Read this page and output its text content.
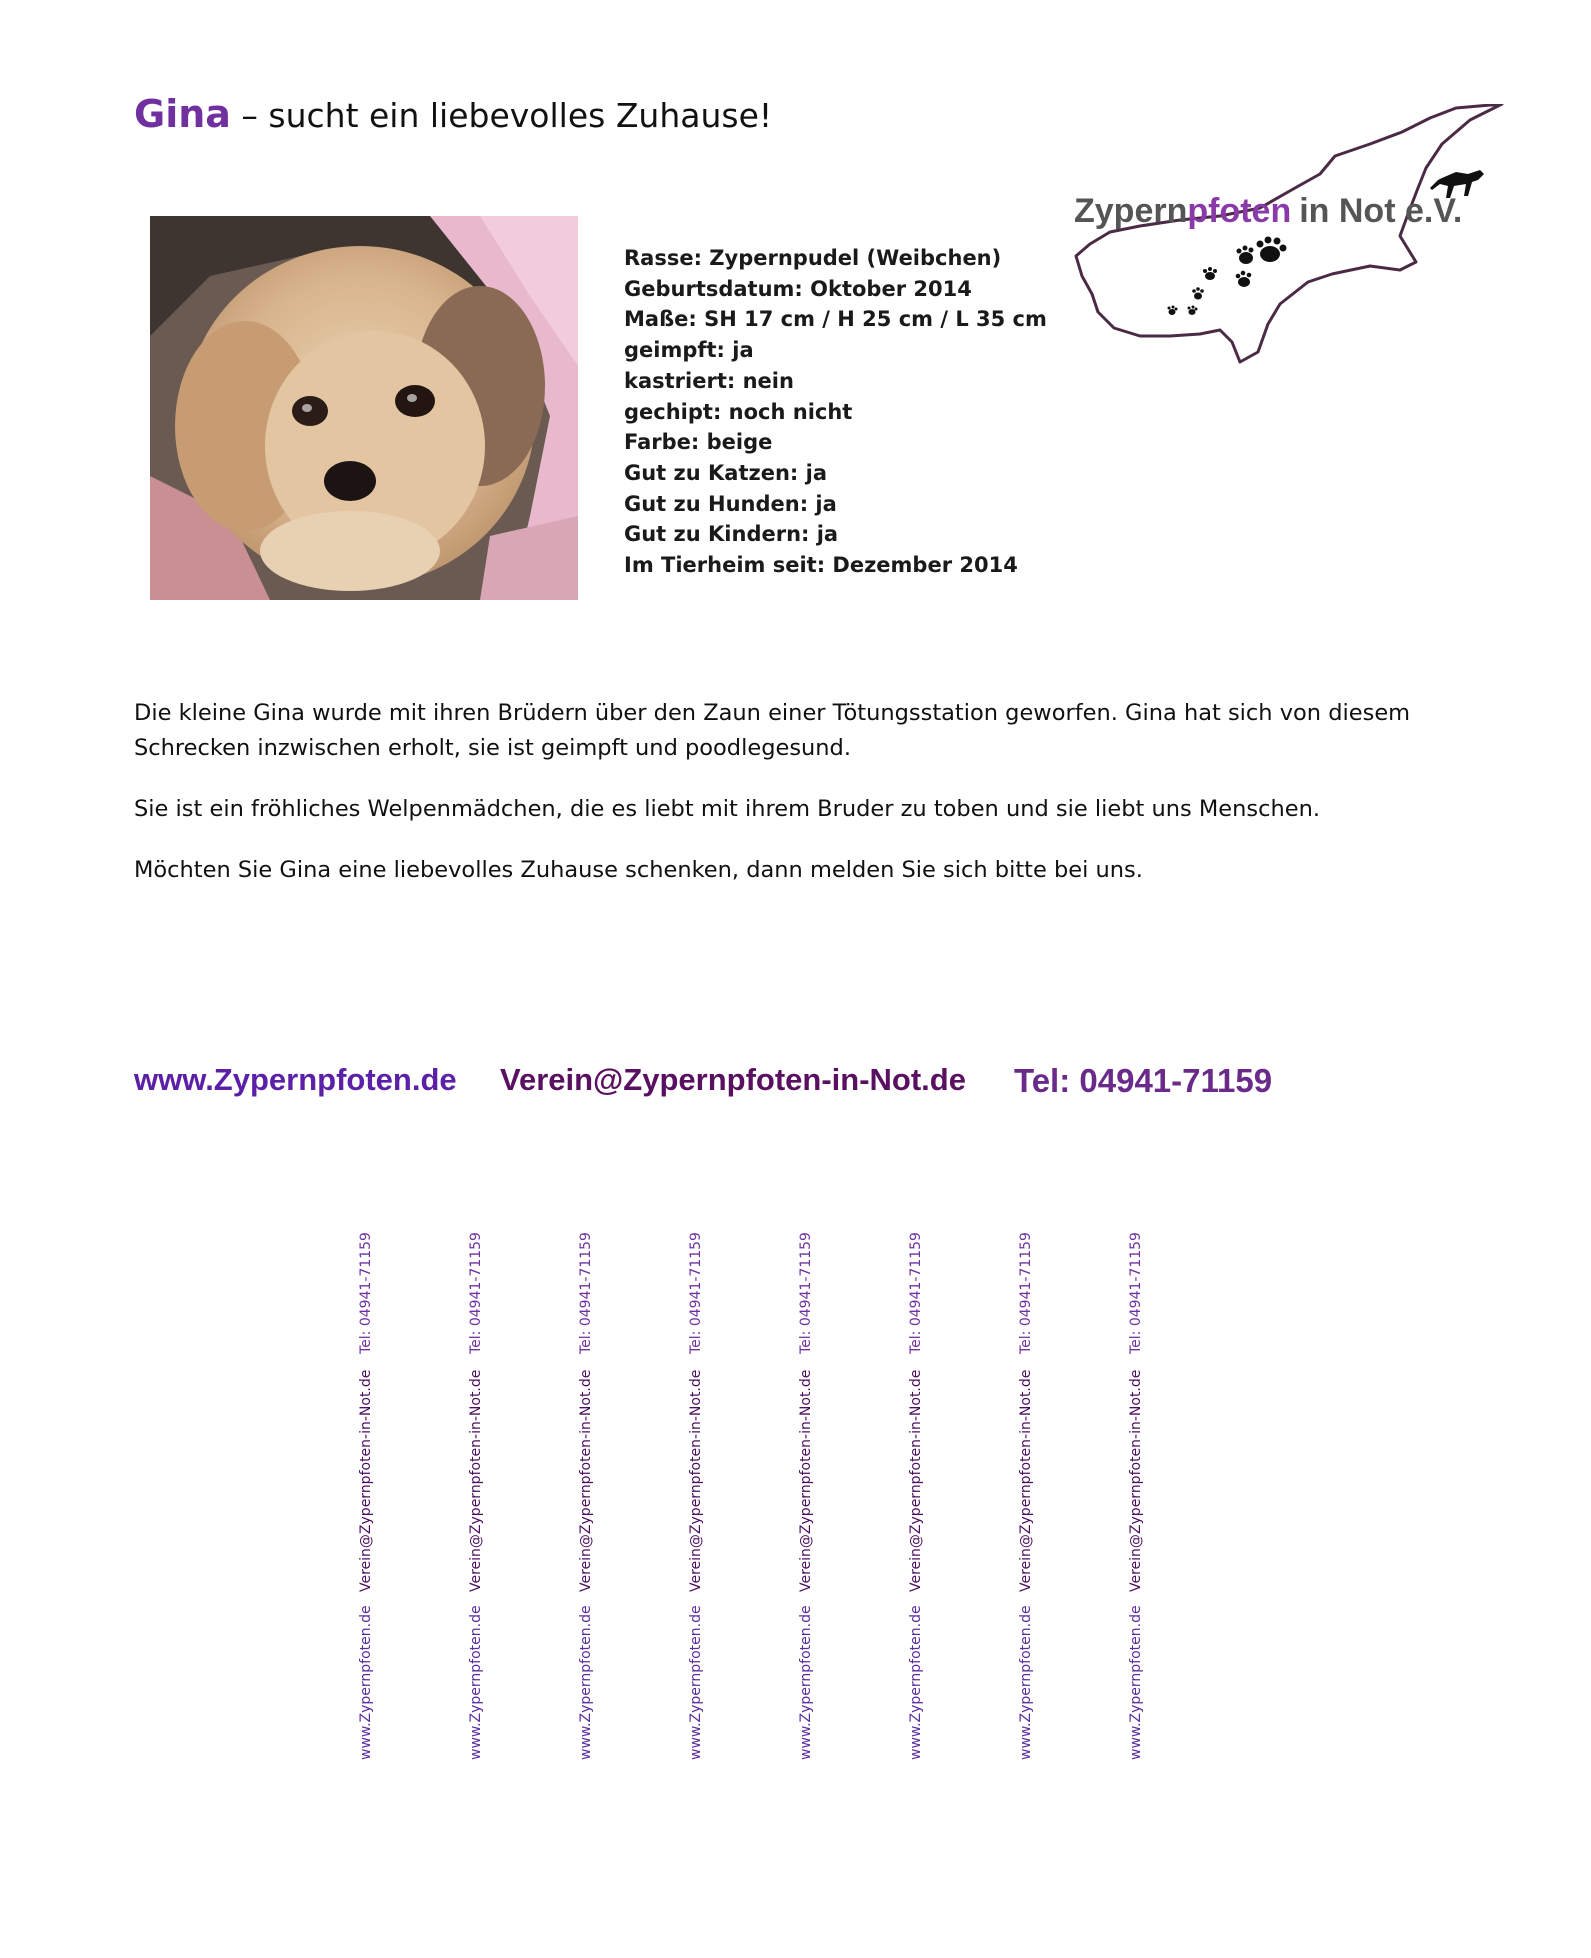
Gina – sucht ein liebevolles Zuhause!
Rasse: Zypernpudel (Weibchen)
Geburtsdatum: Oktober 2014
Maße: SH 17 cm / H 25 cm / L 35 cm
geimpft: ja
kastriert: nein
gechipt: noch nicht
Farbe: beige
Gut zu Katzen: ja
Gut zu Hunden: ja
Gut zu Kindern: ja
Im Tierheim seit: Dezember 2014
Zypernpfoten in Not e.V.

Die kleine Gina wurde mit ihren Brüdern über den Zaun einer Tötungsstation geworfen. Gina hat sich von diesem Schrecken inzwischen erholt, sie ist geimpft und poodlegesund.

Sie ist ein fröhliches Welpenmädchen, die es liebt mit ihrem Bruder zu toben und sie liebt uns Menschen.

Möchten Sie Gina eine liebevolles Zuhause schenken, dann melden Sie sich bitte bei uns.

www.Zypernpfoten.de Verein@Zypernpfoten-in-Not.de Tel: 04941-71159
Tel: 04941-71159
Verein@Zypernpfoten-in-Not.de
www.Zypernpfoten.de
Tel: 04941-71159
Verein@Zypernpfoten-in-Not.de
www.Zypernpfoten.de
Tel: 04941-71159
Verein@Zypernpfoten-in-Not.de
www.Zypernpfoten.de
Tel: 04941-71159
Verein@Zypernpfoten-in-Not.de
www.Zypernpfoten.de
Tel: 04941-71159
Verein@Zypernpfoten-in-Not.de
www.Zypernpfoten.de
Tel: 04941-71159
Verein@Zypernpfoten-in-Not.de
www.Zypernpfoten.de
Tel: 04941-71159
Verein@Zypernpfoten-in-Not.de
www.Zypernpfoten.de
Tel: 04941-71159
Verein@Zypernpfoten-in-Not.de
www.Zypernpfoten.de
